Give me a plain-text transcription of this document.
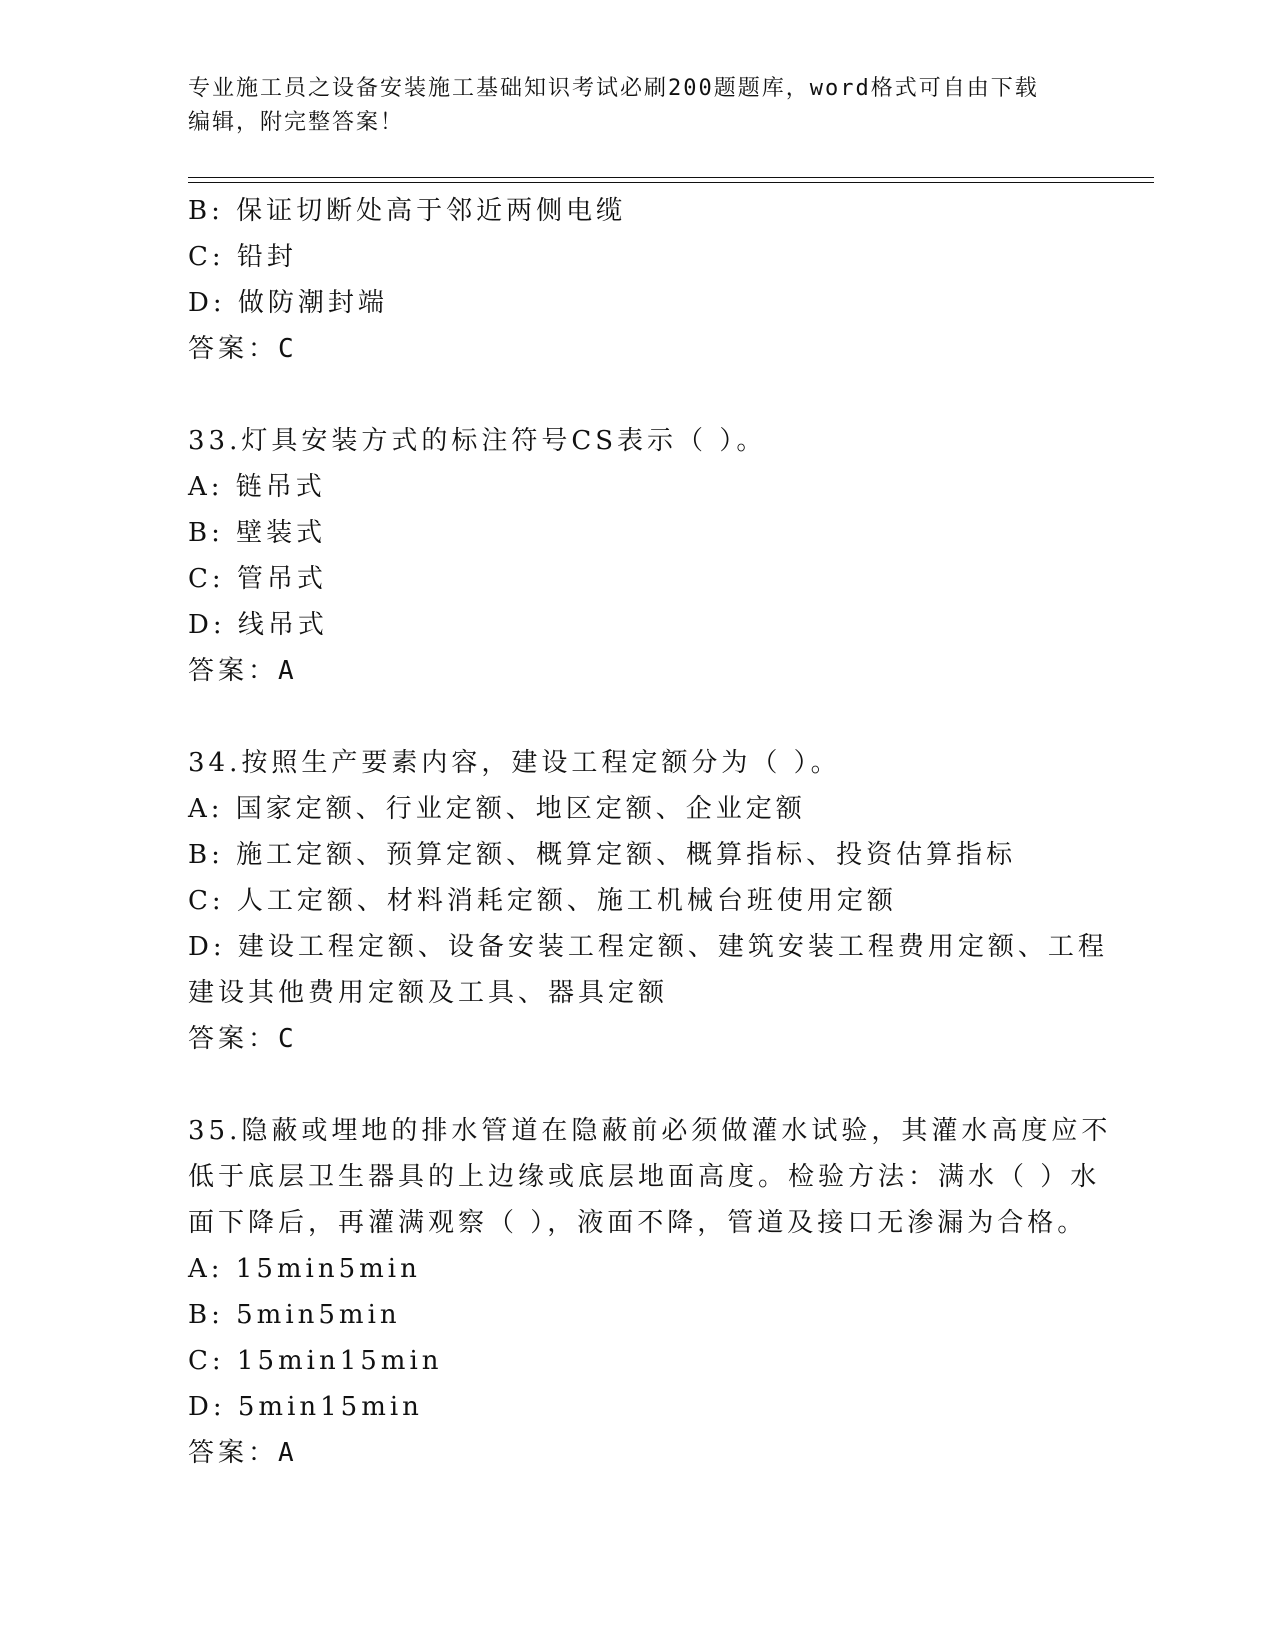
专业施工员之设备安装施工基础知识考试必刷200题题库，word格式可自由下载
编辑，附完整答案！
B: 保证切断处高于邻近两侧电缆
C: 铅封
D: 做防潮封端
答案：C
33.灯具安装方式的标注符号CS表示（ ）。
A: 链吊式
B: 壁装式
C: 管吊式
D: 线吊式
答案：A
34.按照生产要素内容，建设工程定额分为（ ）。
A: 国家定额、行业定额、地区定额、企业定额
B: 施工定额、预算定额、概算定额、概算指标、投资估算指标
C: 人工定额、材料消耗定额、施工机械台班使用定额
D: 建设工程定额、设备安装工程定额、建筑安装工程费用定额、工程
建设其他费用定额及工具、器具定额
答案：C
35.隐蔽或埋地的排水管道在隐蔽前必须做灌水试验，其灌水高度应不
低于底层卫生器具的上边缘或底层地面高度。检验方法：满水（ ）水
面下降后，再灌满观察（ ），液面不降，管道及接口无渗漏为合格。
A: 15min5min
B: 5min5min
C: 15min15min
D: 5min15min
答案：A
